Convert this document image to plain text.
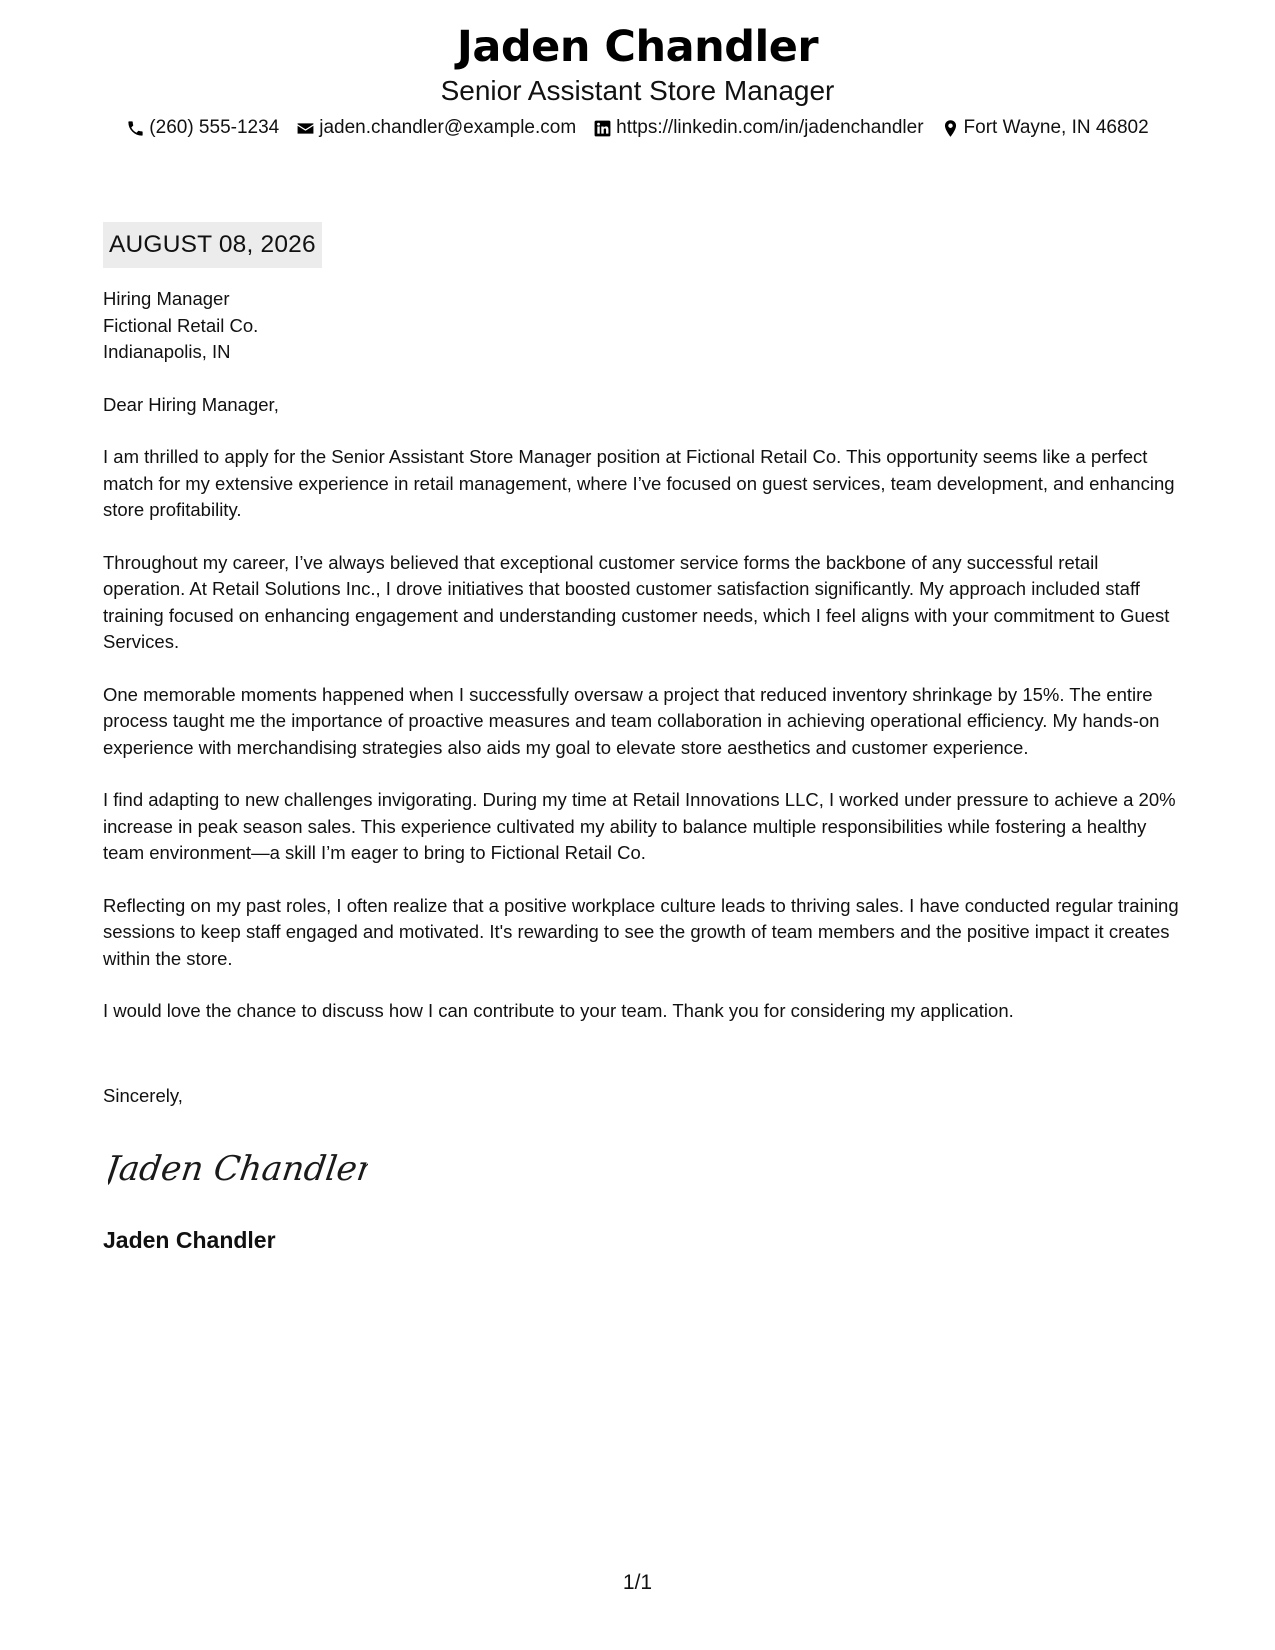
Jaden Chandler
Senior Assistant Store Manager
(260) 555-1234 jaden.chandler@example.com https://linkedin.com/in/jadenchandler Fort Wayne, IN 46802
AUGUST 08, 2026
Hiring Manager
Fictional Retail Co.
Indianapolis, IN
Dear Hiring Manager,

I am thrilled to apply for the Senior Assistant Store Manager position at Fictional Retail Co. This opportunity seems like a perfect match for my extensive experience in retail management, where I’ve focused on guest services, team development, and enhancing store profitability.

Throughout my career, I’ve always believed that exceptional customer service forms the backbone of any successful retail operation. At Retail Solutions Inc., I drove initiatives that boosted customer satisfaction significantly. My approach included staff training focused on enhancing engagement and understanding customer needs, which I feel aligns with your commitment to Guest Services.

One memorable moments happened when I successfully oversaw a project that reduced inventory shrinkage by 15%. The entire process taught me the importance of proactive measures and team collaboration in achieving operational efficiency. My hands-on experience with merchandising strategies also aids my goal to elevate store aesthetics and customer experience.

I find adapting to new challenges invigorating. During my time at Retail Innovations LLC, I worked under pressure to achieve a 20% increase in peak season sales. This experience cultivated my ability to balance multiple responsibilities while fostering a healthy team environment—a skill I’m eager to bring to Fictional Retail Co.

Reflecting on my past roles, I often realize that a positive workplace culture leads to thriving sales. I have conducted regular training sessions to keep staff engaged and motivated. It's rewarding to see the growth of team members and the positive impact it creates within the store.

I would love the chance to discuss how I can contribute to your team. Thank you for considering my application.

Sincerely,
Jaden Chandler
Jaden Chandler
1/1
